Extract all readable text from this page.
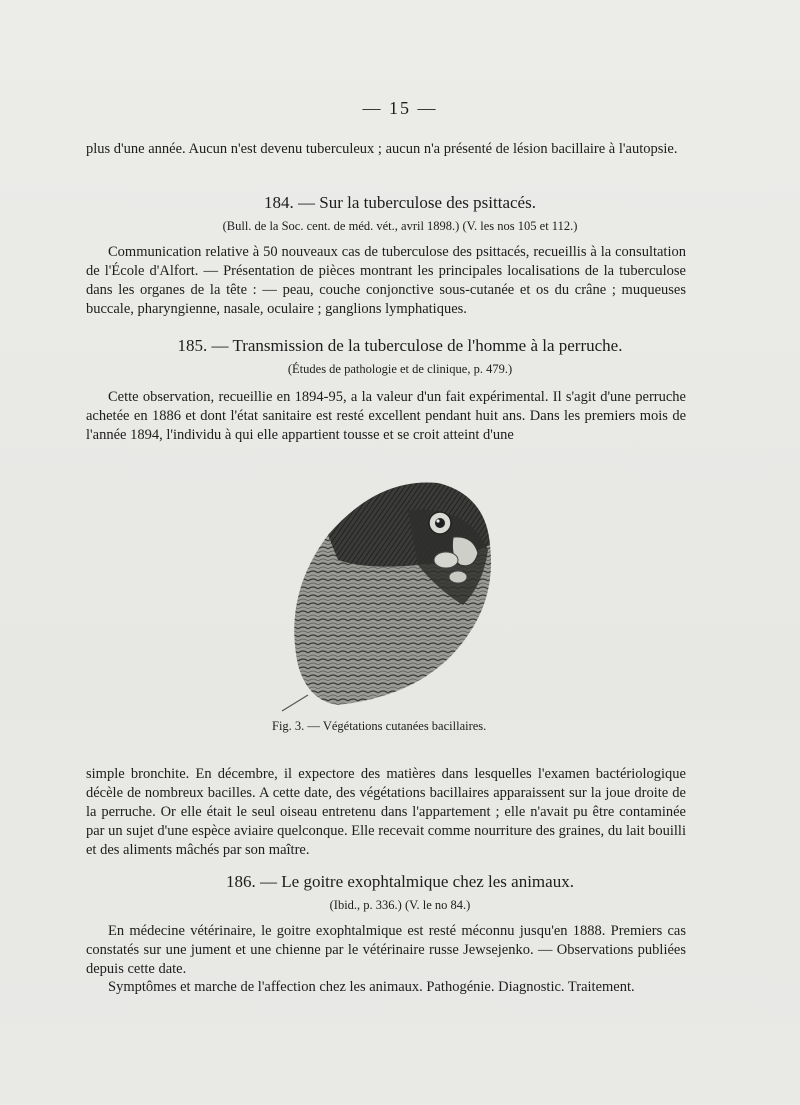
— 15 —
plus d'une année. Aucun n'est devenu tuberculeux ; aucun n'a présenté de lésion bacillaire à l'autopsie.
184. — Sur la tuberculose des psittacés.
(Bull. de la Soc. cent. de méd. vét., avril 1898.) (V. les nos 105 et 112.)
Communication relative à 50 nouveaux cas de tuberculose des psittacés, recueillis à la consultation de l'École d'Alfort. — Présentation de pièces montrant les principales localisations de la tuberculose dans les organes de la tête : — peau, couche conjonctive sous-cutanée et os du crâne ; muqueuses buccale, pharyngienne, nasale, oculaire ; ganglions lymphatiques.
185. — Transmission de la tuberculose de l'homme à la perruche.
(Études de pathologie et de clinique, p. 479.)
Cette observation, recueillie en 1894-95, a la valeur d'un fait expérimental. Il s'agit d'une perruche achetée en 1886 et dont l'état sanitaire est resté excellent pendant huit ans. Dans les premiers mois de l'année 1894, l'individu à qui elle appartient tousse et se croit atteint d'une
Fig. 3. — Végétations cutanées bacillaires.
simple bronchite. En décembre, il expectore des matières dans lesquelles l'examen bactériologique décèle de nombreux bacilles. A cette date, des végétations bacillaires apparaissent sur la joue droite de la perruche. Or elle était le seul oiseau entretenu dans l'appartement ; elle n'avait pu être contaminée par un sujet d'une espèce aviaire quelconque. Elle recevait comme nourriture des graines, du lait bouilli et des aliments mâchés par son maître.
186. — Le goitre exophtalmique chez les animaux.
(Ibid., p. 336.) (V. le no 84.)
En médecine vétérinaire, le goitre exophtalmique est resté méconnu jusqu'en 1888. Premiers cas constatés sur une jument et une chienne par le vétérinaire russe Jewsejenko. — Observations publiées depuis cette date.
Symptômes et marche de l'affection chez les animaux. Pathogénie. Diagnostic. Traitement.
